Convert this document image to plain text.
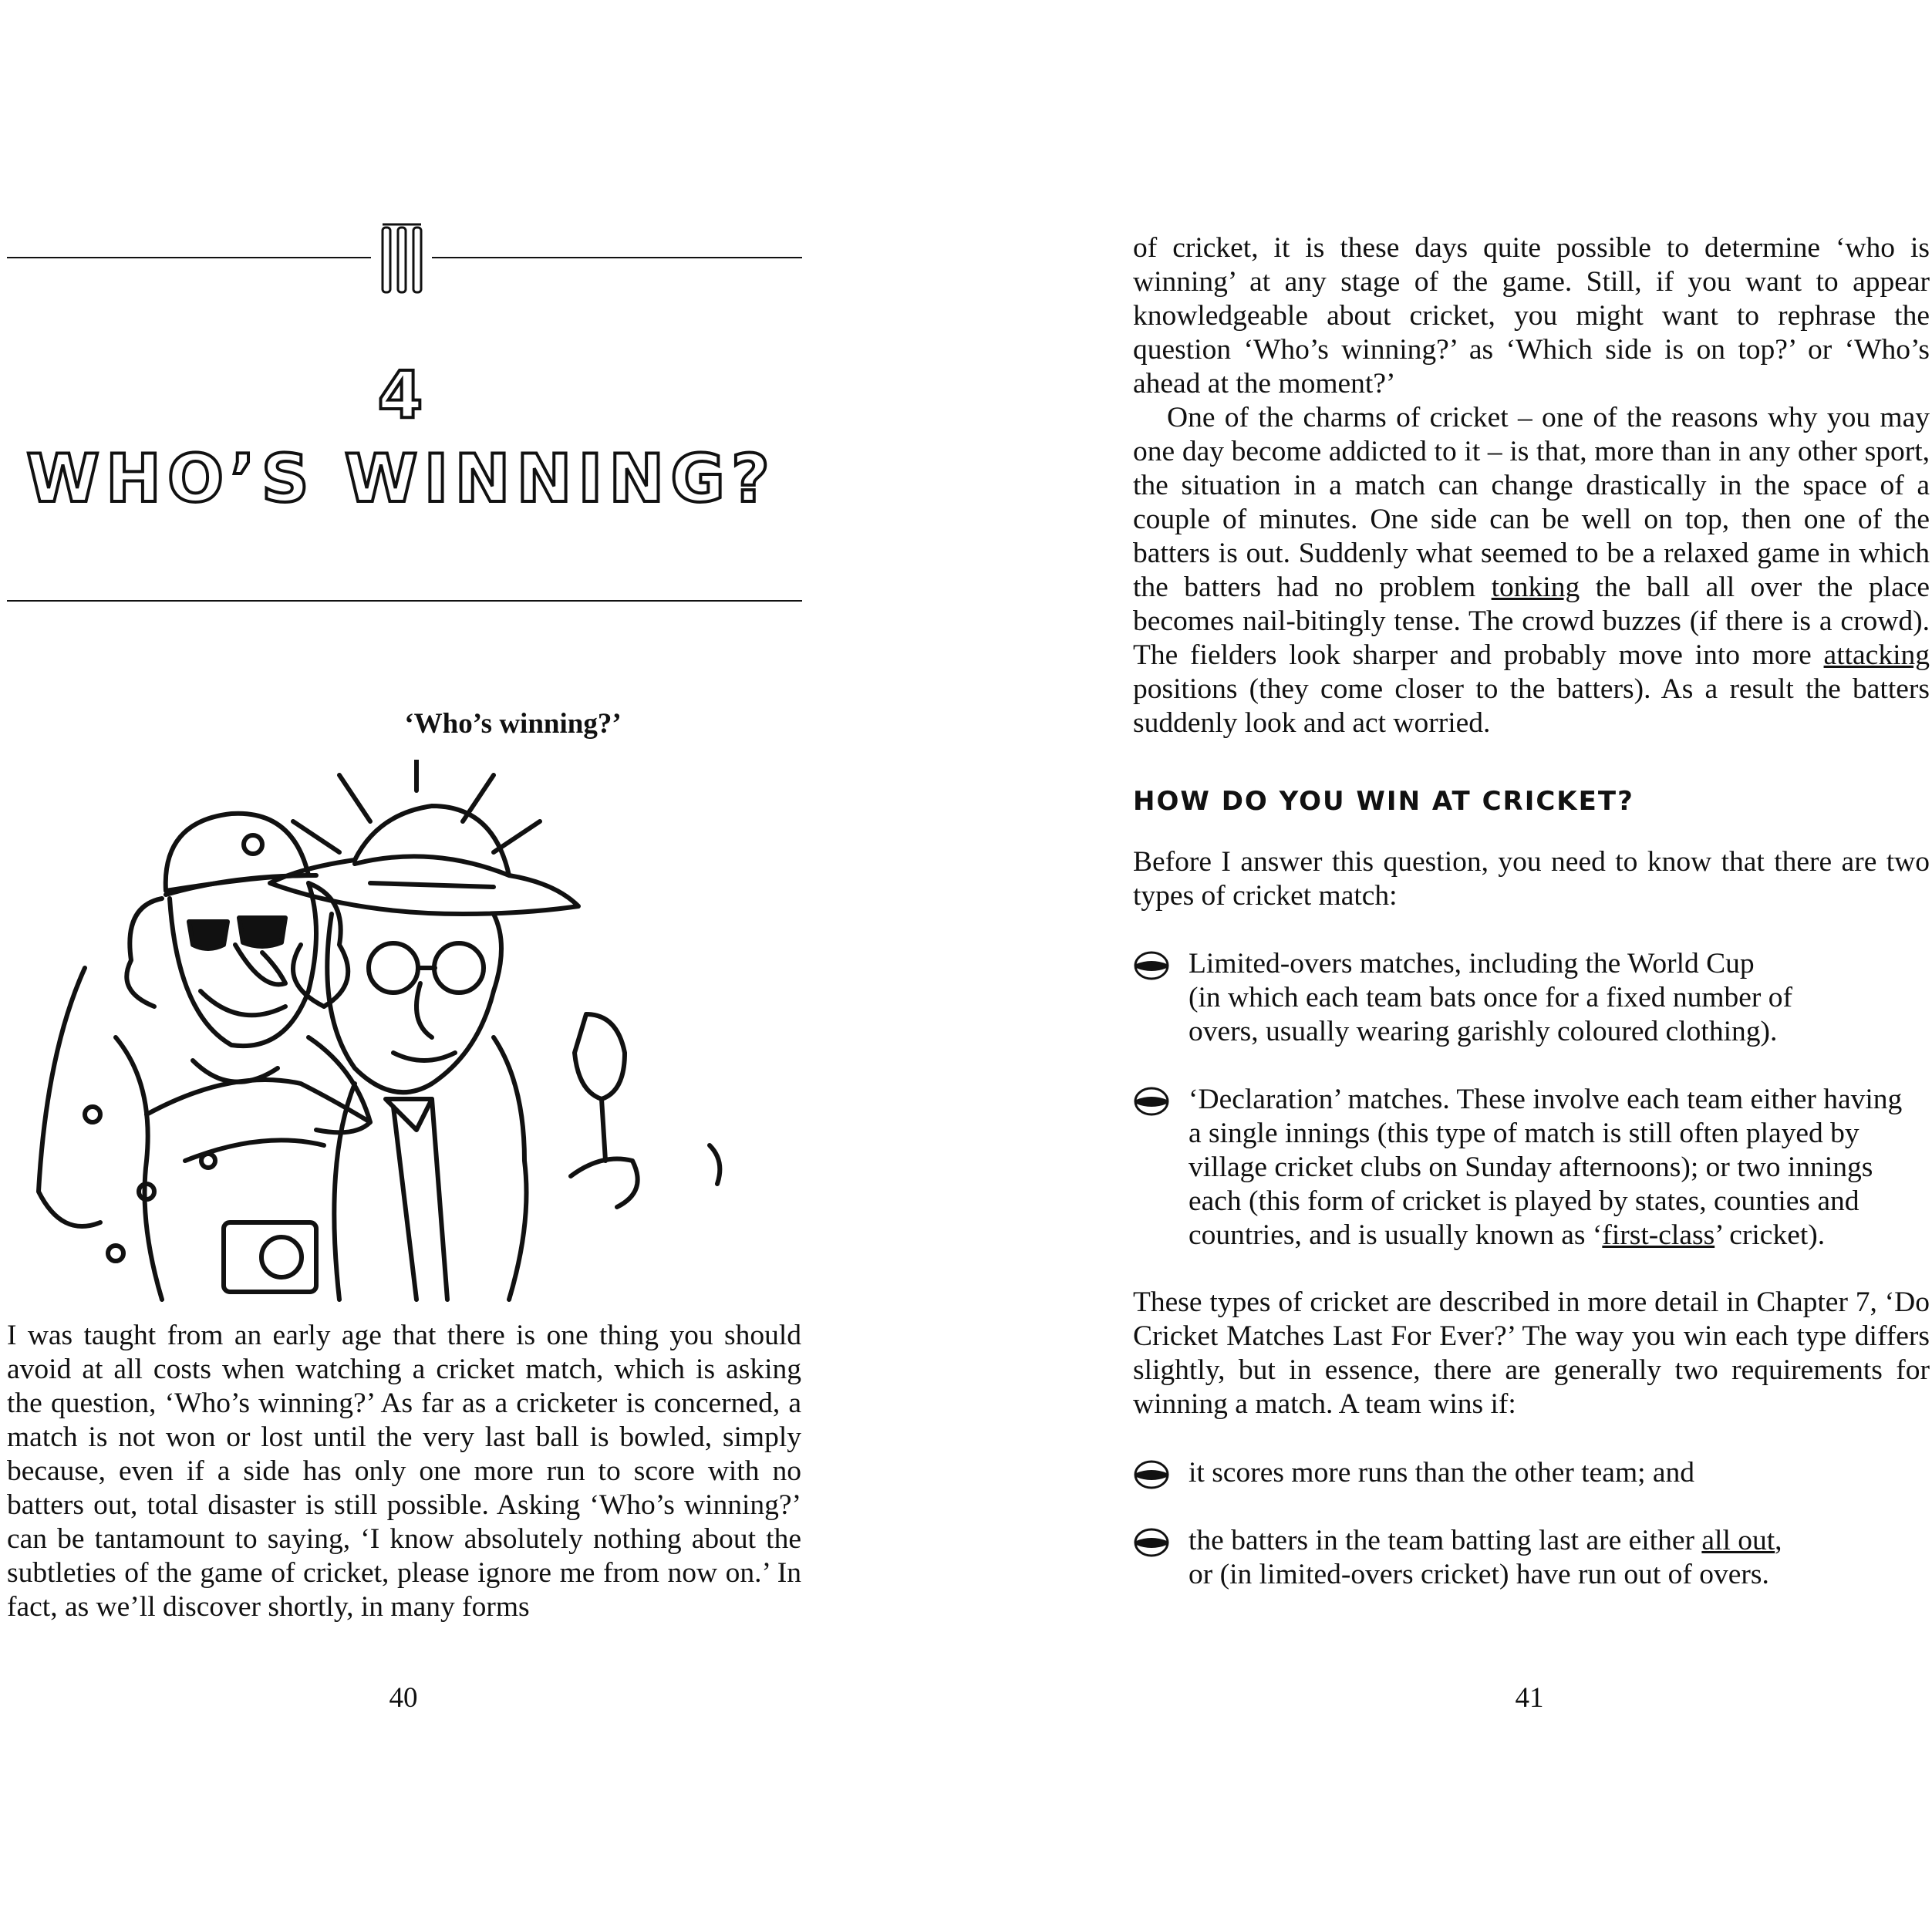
4
WHO’S WINNING?
‘Who’s winning?’

I was taught from an early age that there is one thing you should avoid at all costs when watching a cricket match, which is asking the question, ‘Who’s winning?’ As far as a cricketer is concerned, a match is not won or lost until the very last ball is bowled, simply because, even if a side has only one more run to score with no batters out, total disaster is still possible. Asking ‘Who’s winning?’ can be tantamount to saying, ‘I know absolutely nothing about the subtleties of the game of cricket, please ignore me from now on.’ In fact, as we’ll discover shortly, in many forms

40

of cricket, it is these days quite possible to determine ‘who is winning’ at any stage of the game. Still, if you want to appear knowledgeable about cricket, you might want to rephrase the question ‘Who’s winning?’ as ‘Which side is on top?’ or ‘Who’s ahead at the moment?’

One of the charms of cricket – one of the reasons why you may one day become addicted to it – is that, more than in any other sport, the situation in a match can change drastically in the space of a couple of minutes. One side can be well on top, then one of the batters is out. Suddenly what seemed to be a relaxed game in which the batters had no problem tonking the ball all over the place becomes nail-bitingly tense. The crowd buzzes (if there is a crowd). The fielders look sharper and probably move into more attacking positions (they come closer to the batters). As a result the batters suddenly look and act worried.

HOW DO YOU WIN AT CRICKET?

Before I answer this question, you need to know that there are two types of cricket match:

Limited-overs matches, including the World Cup
(in which each team bats once for a fixed number of
overs, usually wearing garishly coloured clothing).

‘Declaration’ matches. These involve each team either having
a single innings (this type of match is still often played by
village cricket clubs on Sunday afternoons); or two innings
each (this form of cricket is played by states, counties and
countries, and is usually known as ‘first-class’ cricket).

These types of cricket are described in more detail in Chapter 7, ‘Do Cricket Matches Last For Ever?’ The way you win each type differs slightly, but in essence, there are generally two requirements for winning a match. A team wins if:

it scores more runs than the other team; and

the batters in the team batting last are either all out,
or (in limited-overs cricket) have run out of overs.

41
